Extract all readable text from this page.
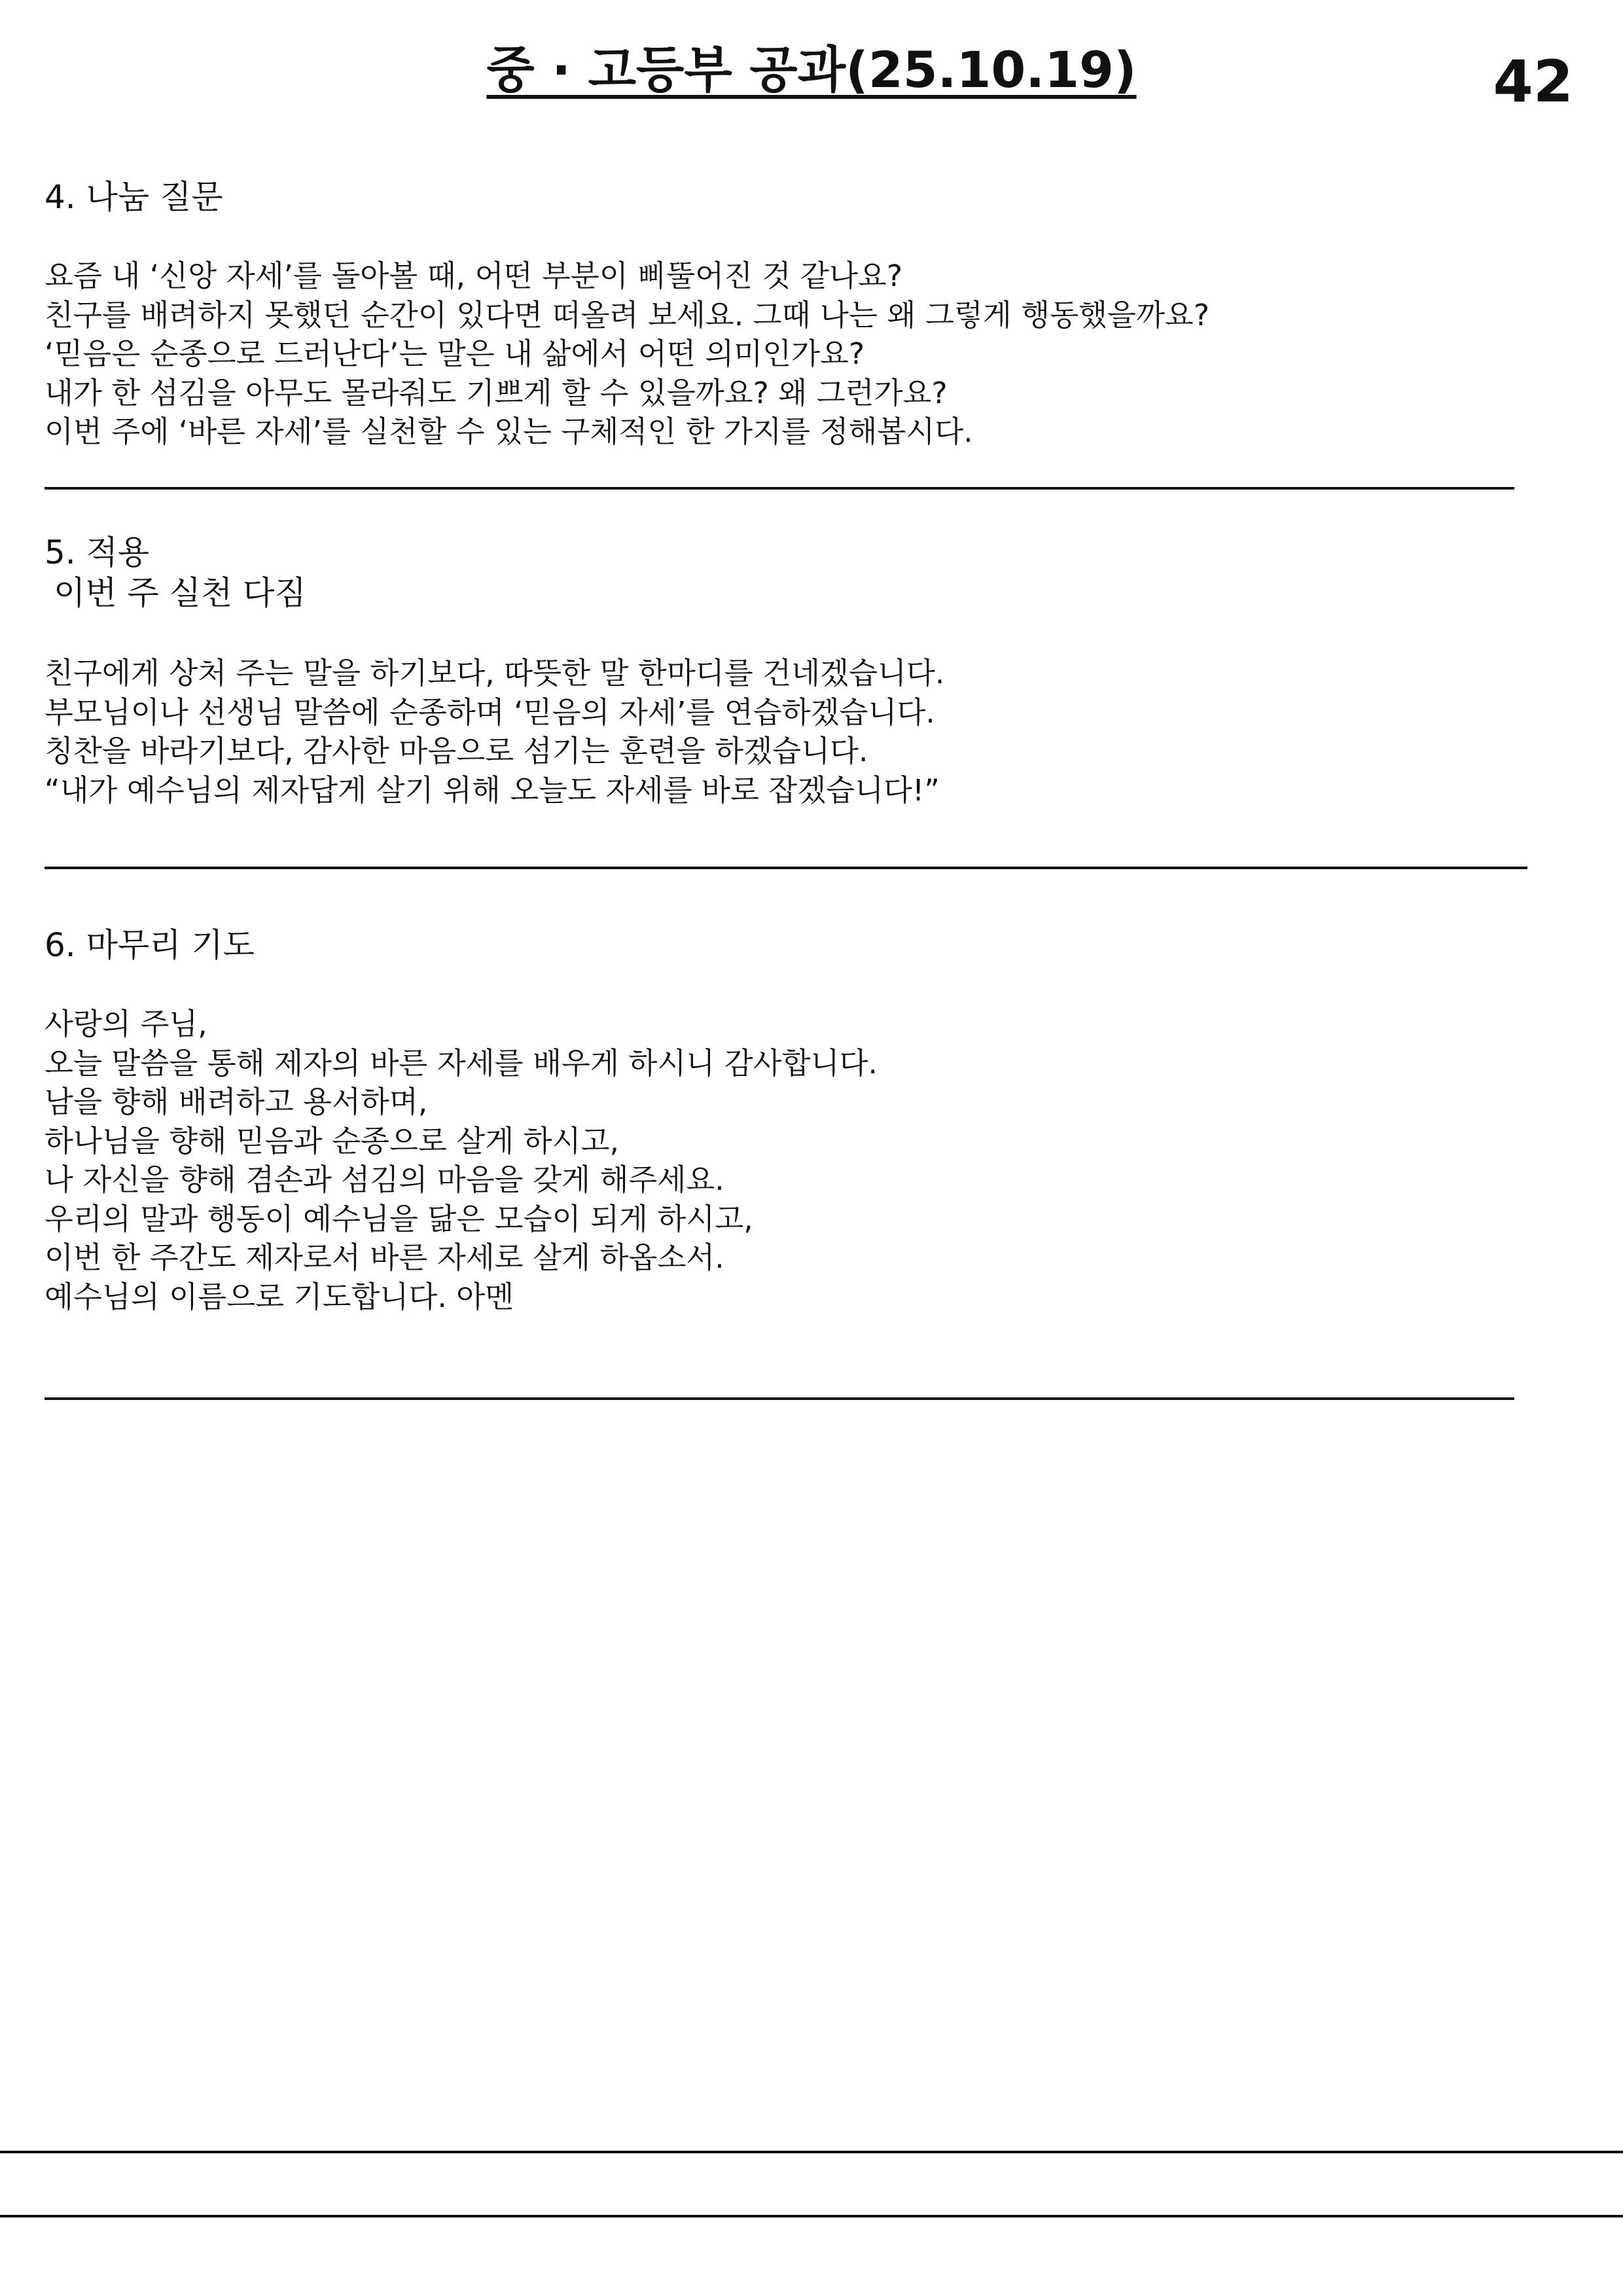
중 · 고등부 공과(25.10.19)	42
4. 나눔 질문
요즘 내 ‘신앙 자세’를 돌아볼 때, 어떤 부분이 삐뚤어진 것 같나요?
친구를 배려하지 못했던 순간이 있다면 떠올려 보세요. 그때 나는 왜 그렇게 행동했을까요?
‘믿음은 순종으로 드러난다’는 말은 내 삶에서 어떤 의미인가요?
내가 한 섬김을 아무도 몰라줘도 기쁘게 할 수 있을까요? 왜 그런가요?
이번 주에 ‘바른 자세’를 실천할 수 있는 구체적인 한 가지를 정해봅시다.
5. 적용
이번 주 실천 다짐
친구에게 상처 주는 말을 하기보다, 따뜻한 말 한마디를 건네겠습니다.
부모님이나 선생님 말씀에 순종하며 ‘믿음의 자세’를 연습하겠습니다.
칭찬을 바라기보다, 감사한 마음으로 섬기는 훈련을 하겠습니다.
“내가 예수님의 제자답게 살기 위해 오늘도 자세를 바로 잡겠습니다!”
6. 마무리 기도
사랑의 주님,
오늘 말씀을 통해 제자의 바른 자세를 배우게 하시니 감사합니다.
남을 향해 배려하고 용서하며,
하나님을 향해 믿음과 순종으로 살게 하시고,
나 자신을 향해 겸손과 섬김의 마음을 갖게 해주세요.
우리의 말과 행동이 예수님을 닮은 모습이 되게 하시고,
이번 한 주간도 제자로서 바른 자세로 살게 하옵소서.
예수님의 이름으로 기도합니다. 아멘
